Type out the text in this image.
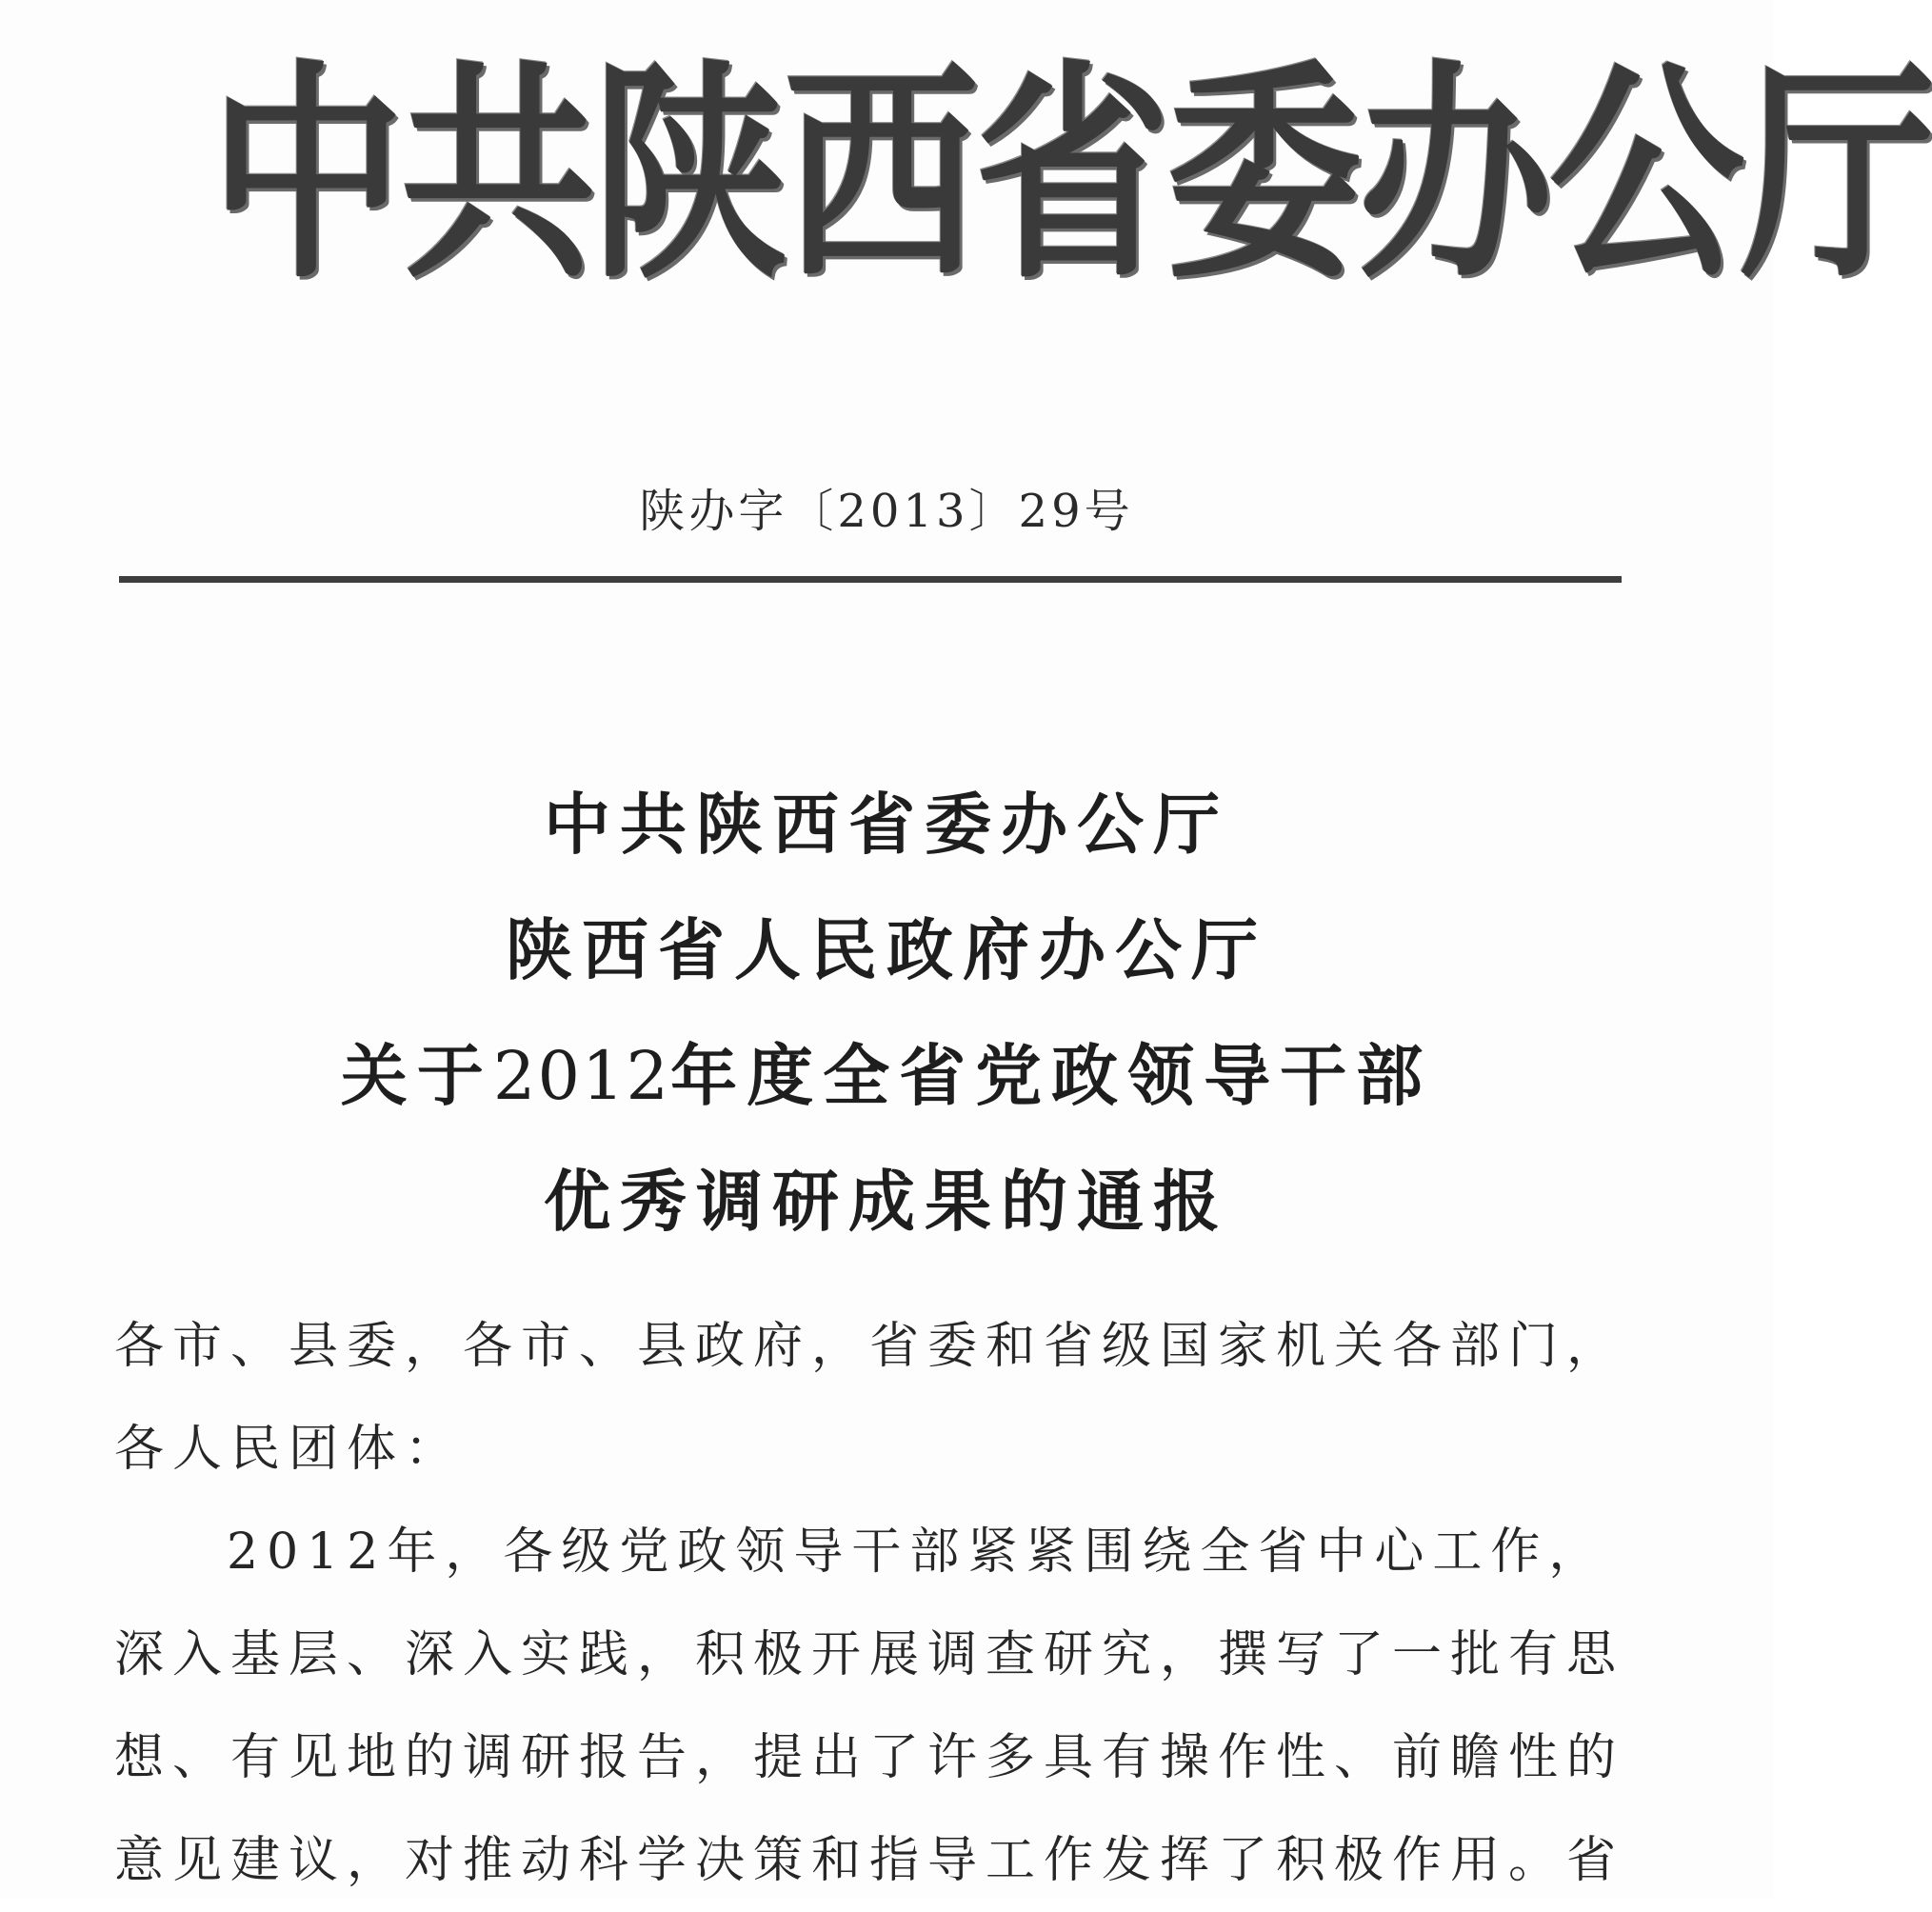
中 共 陕 西 省 委 办 公 厅
陕办字〔2013〕29号
中共陕西省委办公厅
陕西省人民政府办公厅
关于2012年度全省党政领导干部
优秀调研成果的通报
各市、县委，各市、县政府，省委和省级国家机关各部门，
各人民团体：
2012年，各级党政领导干部紧紧围绕全省中心工作，
深入基层、深入实践，积极开展调查研究，撰写了一批有思
想、有见地的调研报告，提出了许多具有操作性、前瞻性的
意见建议，对推动科学决策和指导工作发挥了积极作用。省
